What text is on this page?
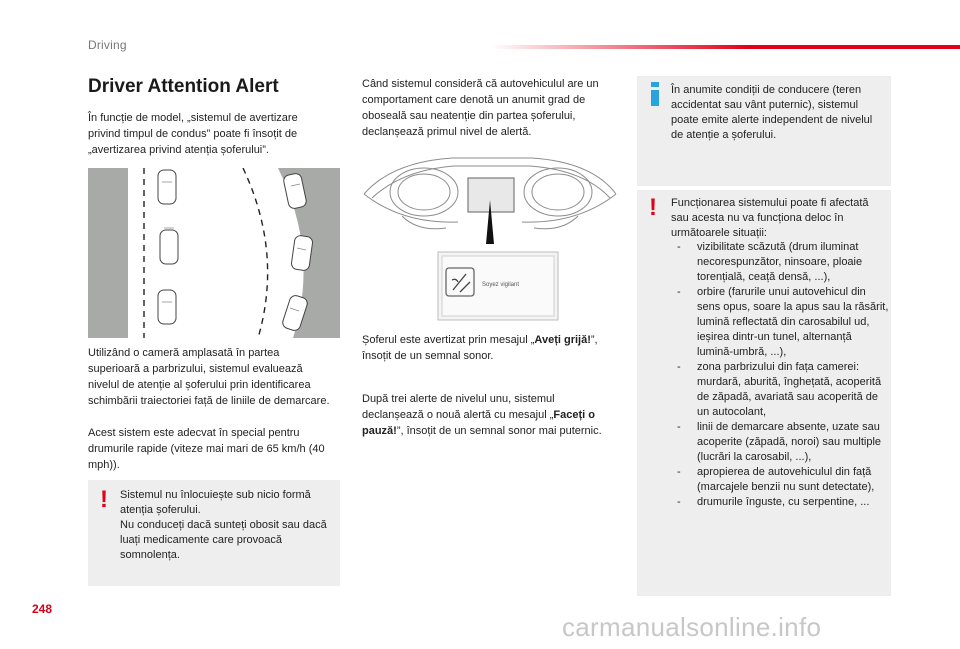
Driving
Driver Attention Alert
În funcție de model, „sistemul de avertizare privind timpul de condus” poate fi însoțit de „avertizarea privind atenția șoferului”.
Utilizând o cameră amplasată în partea superioară a parbrizului, sistemul evaluează nivelul de atenție al șoferului prin identificarea schimbării traiectoriei față de liniile de demarcare.
Acest sistem este adecvat în special pentru drumurile rapide (viteze mai mari de 65 km/h (40 mph)).
! Sistemul nu înlocuiește sub nicio formă atenția șoferului.
Nu conduceți dacă sunteți obosit sau dacă luați medicamente care provoacă somnolența.
Când sistemul consideră că autovehiculul are un comportament care denotă un anumit grad de oboseală sau neatenție din partea șoferului, declanșează primul nivel de alertă.
Soyez vigilant
Șoferul este avertizat prin mesajul „Aveți grijă!”, însoțit de un semnal sonor.
După trei alerte de nivelul unu, sistemul declanșează o nouă alertă cu mesajul „Faceți o pauză!”, însoțit de un semnal sonor mai puternic.
În anumite condiții de conducere (teren accidentat sau vânt puternic), sistemul poate emite alerte independent de nivelul de atenție a șoferului.
! Funcționarea sistemului poate fi afectată sau acesta nu va funcționa deloc în următoarele situații:
- vizibilitate scăzută (drum iluminat necorespunzător, ninsoare, ploaie torențială, ceață densă, ...),
- orbire (farurile unui autovehicul din sens opus, soare la apus sau la răsărit, lumină reflectată din carosabilul ud, ieșirea dintr-un tunel, alternanță lumină-umbră, ...),
- zona parbrizului din fața camerei: murdară, aburită, înghețată, acoperită de zăpadă, avariată sau acoperită de un autocolant,
- linii de demarcare absente, uzate sau acoperite (zăpadă, noroi) sau multiple (lucrări la carosabil, ...),
- apropierea de autovehiculul din față (marcajele benzii nu sunt detectate),
- drumurile înguste, cu serpentine, ...
248
carmanualsonline.info
